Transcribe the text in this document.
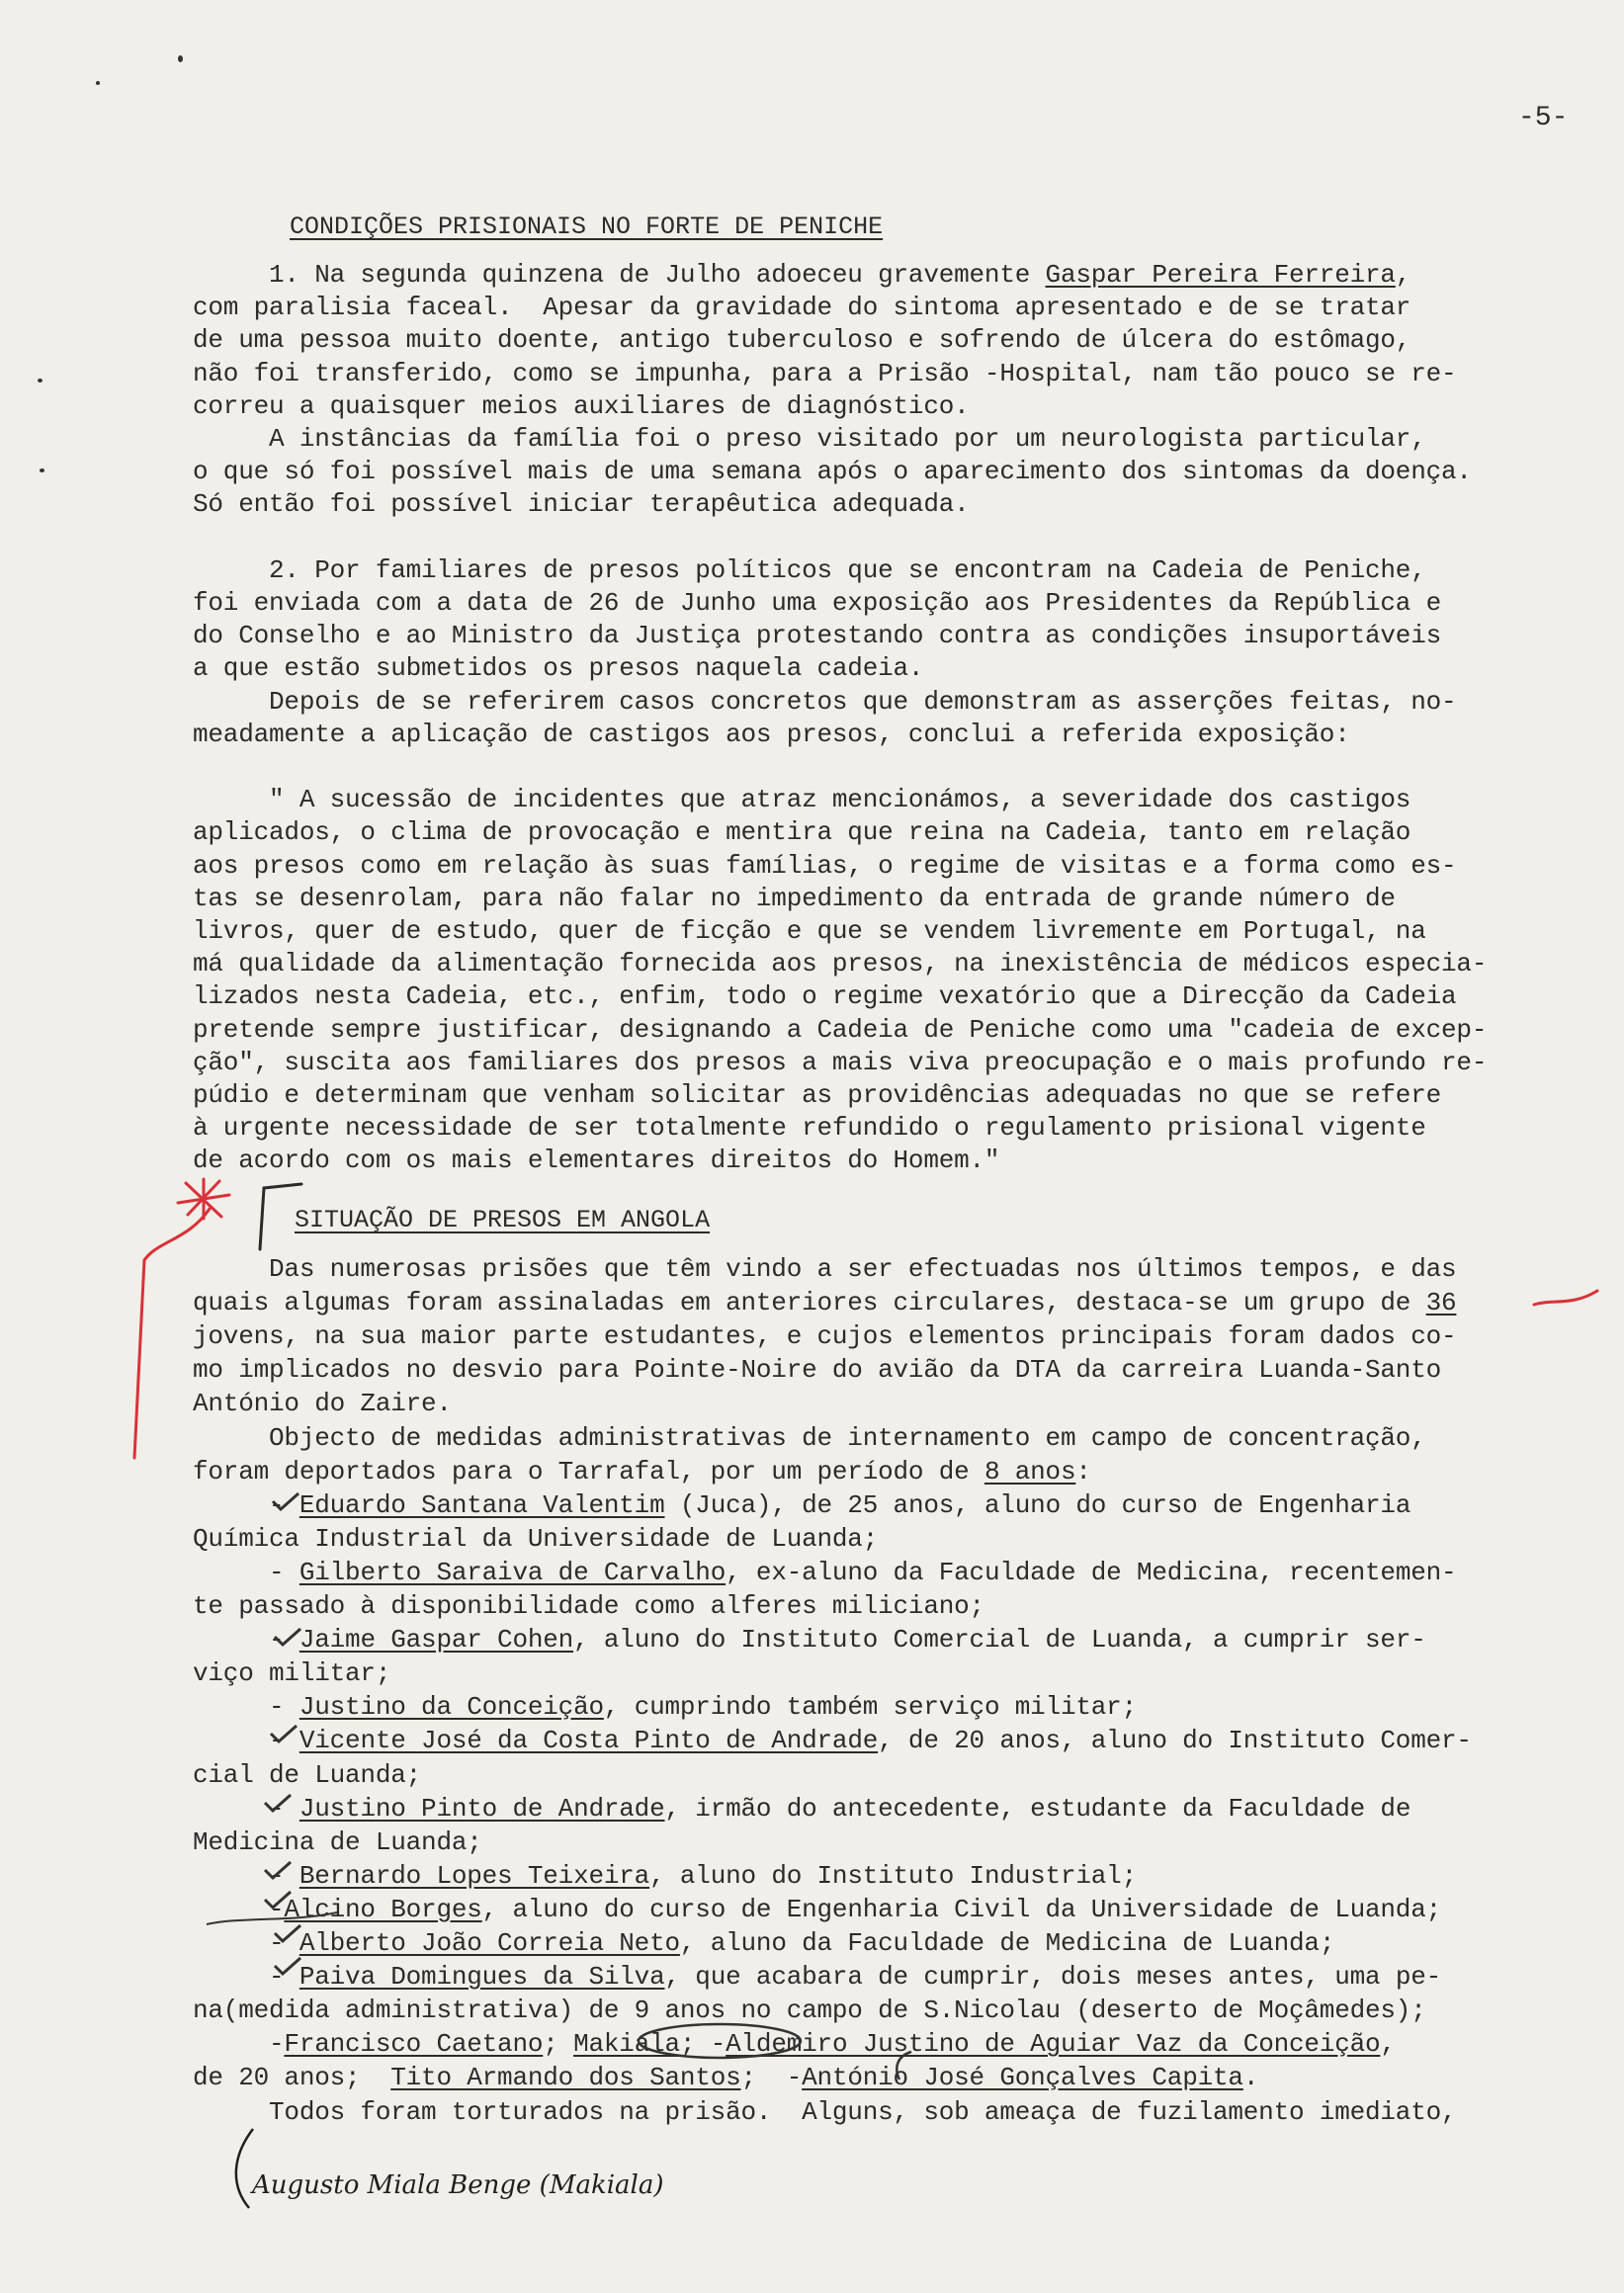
-5-
CONDIÇÕES PRISIONAIS NO FORTE DE PENICHE
1. Na segunda quinzena de Julho adoeceu gravemente Gaspar Pereira Ferreira,
com paralisia faceal.  Apesar da gravidade do sintoma apresentado e de se tratar
de uma pessoa muito doente, antigo tuberculoso e sofrendo de úlcera do estômago,
não foi transferido, como se impunha, para a Prisão -Hospital, nam tão pouco se re-
correu a quaisquer meios auxiliares de diagnóstico.
A instâncias da família foi o preso visitado por um neurologista particular,
o que só foi possível mais de uma semana após o aparecimento dos sintomas da doença.
Só então foi possível iniciar terapêutica adequada.
2. Por familiares de presos políticos que se encontram na Cadeia de Peniche,
foi enviada com a data de 26 de Junho uma exposição aos Presidentes da República e
do Conselho e ao Ministro da Justiça protestando contra as condições insuportáveis
a que estão submetidos os presos naquela cadeia.
Depois de se referirem casos concretos que demonstram as asserções feitas, no-
meadamente a aplicação de castigos aos presos, conclui a referida exposição:
" A sucessão de incidentes que atraz mencionámos, a severidade dos castigos
aplicados, o clima de provocação e mentira que reina na Cadeia, tanto em relação
aos presos como em relação às suas famílias, o regime de visitas e a forma como es-
tas se desenrolam, para não falar no impedimento da entrada de grande número de
livros, quer de estudo, quer de ficção e que se vendem livremente em Portugal, na
má qualidade da alimentação fornecida aos presos, na inexistência de médicos especia-
lizados nesta Cadeia, etc., enfim, todo o regime vexatório que a Direcção da Cadeia
pretende sempre justificar, designando a Cadeia de Peniche como uma "cadeia de excep-
ção", suscita aos familiares dos presos a mais viva preocupação e o mais profundo re-
púdio e determinam que venham solicitar as providências adequadas no que se refere
à urgente necessidade de ser totalmente refundido o regulamento prisional vigente
de acordo com os mais elementares direitos do Homem."
SITUAÇÃO DE PRESOS EM ANGOLA
Das numerosas prisões que têm vindo a ser efectuadas nos últimos tempos, e das
quais algumas foram assinaladas em anteriores circulares, destaca-se um grupo de 36
jovens, na sua maior parte estudantes, e cujos elementos principais foram dados co-
mo implicados no desvio para Pointe-Noire do avião da DTA da carreira Luanda-Santo
António do Zaire.
Objecto de medidas administrativas de internamento em campo de concentração,
foram deportados para o Tarrafal, por um período de 8 anos:
- Eduardo Santana Valentim (Juca), de 25 anos, aluno do curso de Engenharia
Química Industrial da Universidade de Luanda;
- Gilberto Saraiva de Carvalho, ex-aluno da Faculdade de Medicina, recentemen-
te passado à disponibilidade como alferes miliciano;
- Jaime Gaspar Cohen, aluno do Instituto Comercial de Luanda, a cumprir ser-
viço militar;
- Justino da Conceição, cumprindo também serviço militar;
- Vicente José da Costa Pinto de Andrade, de 20 anos, aluno do Instituto Comer-
cial de Luanda;
- Justino Pinto de Andrade, irmão do antecedente, estudante da Faculdade de
Medicina de Luanda;
- Bernardo Lopes Teixeira, aluno do Instituto Industrial;
-Alcino Borges, aluno do curso de Engenharia Civil da Universidade de Luanda;
- Alberto João Correia Neto, aluno da Faculdade de Medicina de Luanda;
- Paiva Domingues da Silva, que acabara de cumprir, dois meses antes, uma pe-
na(medida administrativa) de 9 anos no campo de S.Nicolau (deserto de Moçâmedes);
-Francisco Caetano; Makiala; -Aldemiro Justino de Aguiar Vaz da Conceição,
de 20 anos;  Tito Armando dos Santos;  -António José Gonçalves Capita.
Todos foram torturados na prisão.  Alguns, sob ameaça de fuzilamento imediato,
Augusto Miala Benge (Makiala)
